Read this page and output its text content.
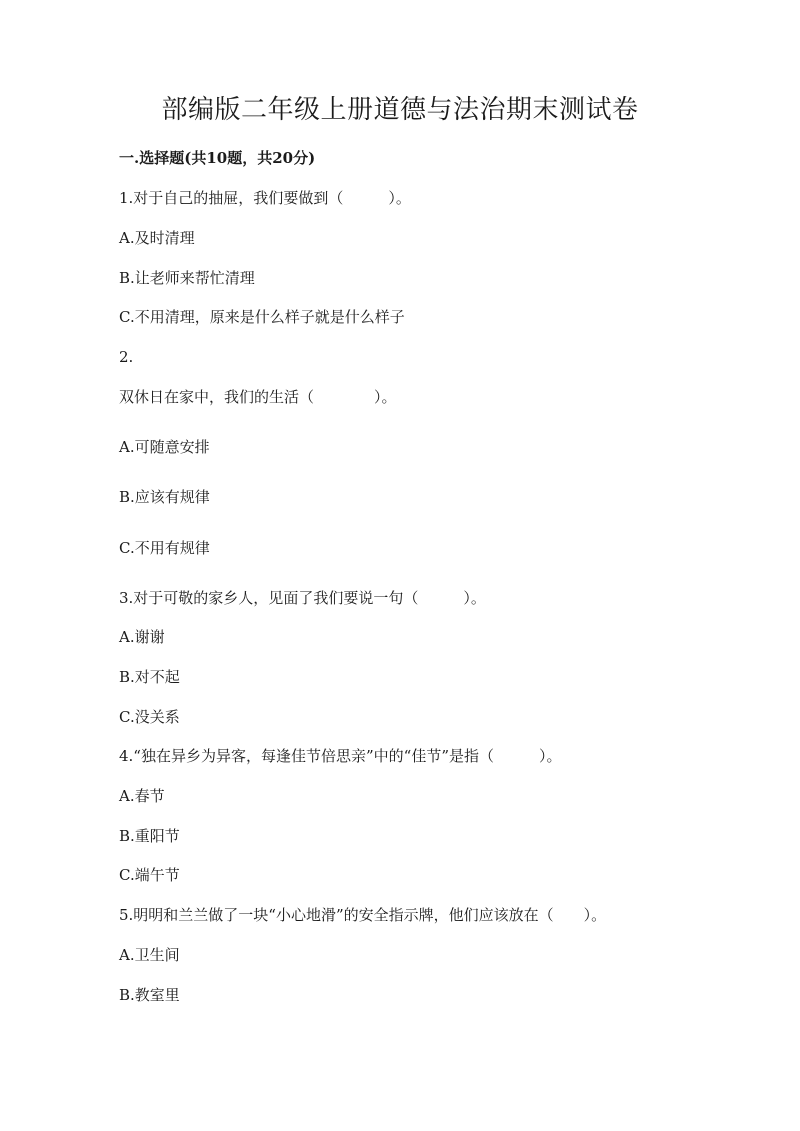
部编版二年级上册道德与法治期末测试卷
一.选择题(共10题，共20分)
1.对于自己的抽屉，我们要做到（　　　）。
A.及时清理
B.让老师来帮忙清理
C.不用清理，原来是什么样子就是什么样子
2.
双休日在家中，我们的生活（　　　　）。
A.可随意安排
B.应该有规律
C.不用有规律
3.对于可敬的家乡人，见面了我们要说一句（　　　）。
A.谢谢
B.对不起
C.没关系
4.“独在异乡为异客，每逢佳节倍思亲”中的“佳节”是指（　　　）。
A.春节
B.重阳节
C.端午节
5.明明和兰兰做了一块“小心地滑”的安全指示牌，他们应该放在（　　）。
A.卫生间
B.教室里
